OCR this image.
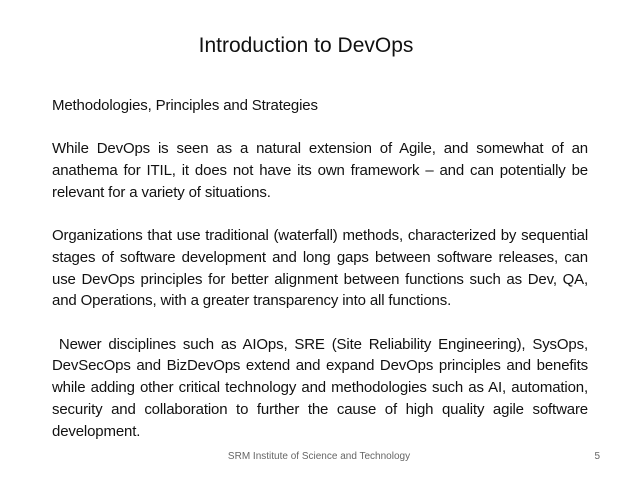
Introduction to DevOps

Methodologies, Principles and Strategies

While DevOps is seen as a natural extension of Agile, and somewhat of an anathema for ITIL, it does not have its own framework – and can potentially be relevant for a variety of situations.

Organizations that use traditional (waterfall) methods, characterized by sequential stages of software development and long gaps between software releases, can use DevOps principles for better alignment between functions such as Dev, QA, and Operations, with a greater transparency into all functions.

Newer disciplines such as AIOps, SRE (Site Reliability Engineering), SysOps, DevSecOps and BizDevOps extend and expand DevOps principles and benefits while adding other critical technology and methodologies such as AI, automation, security and collaboration to further the cause of high quality agile software development.

SRM Institute of Science and Technology	5
